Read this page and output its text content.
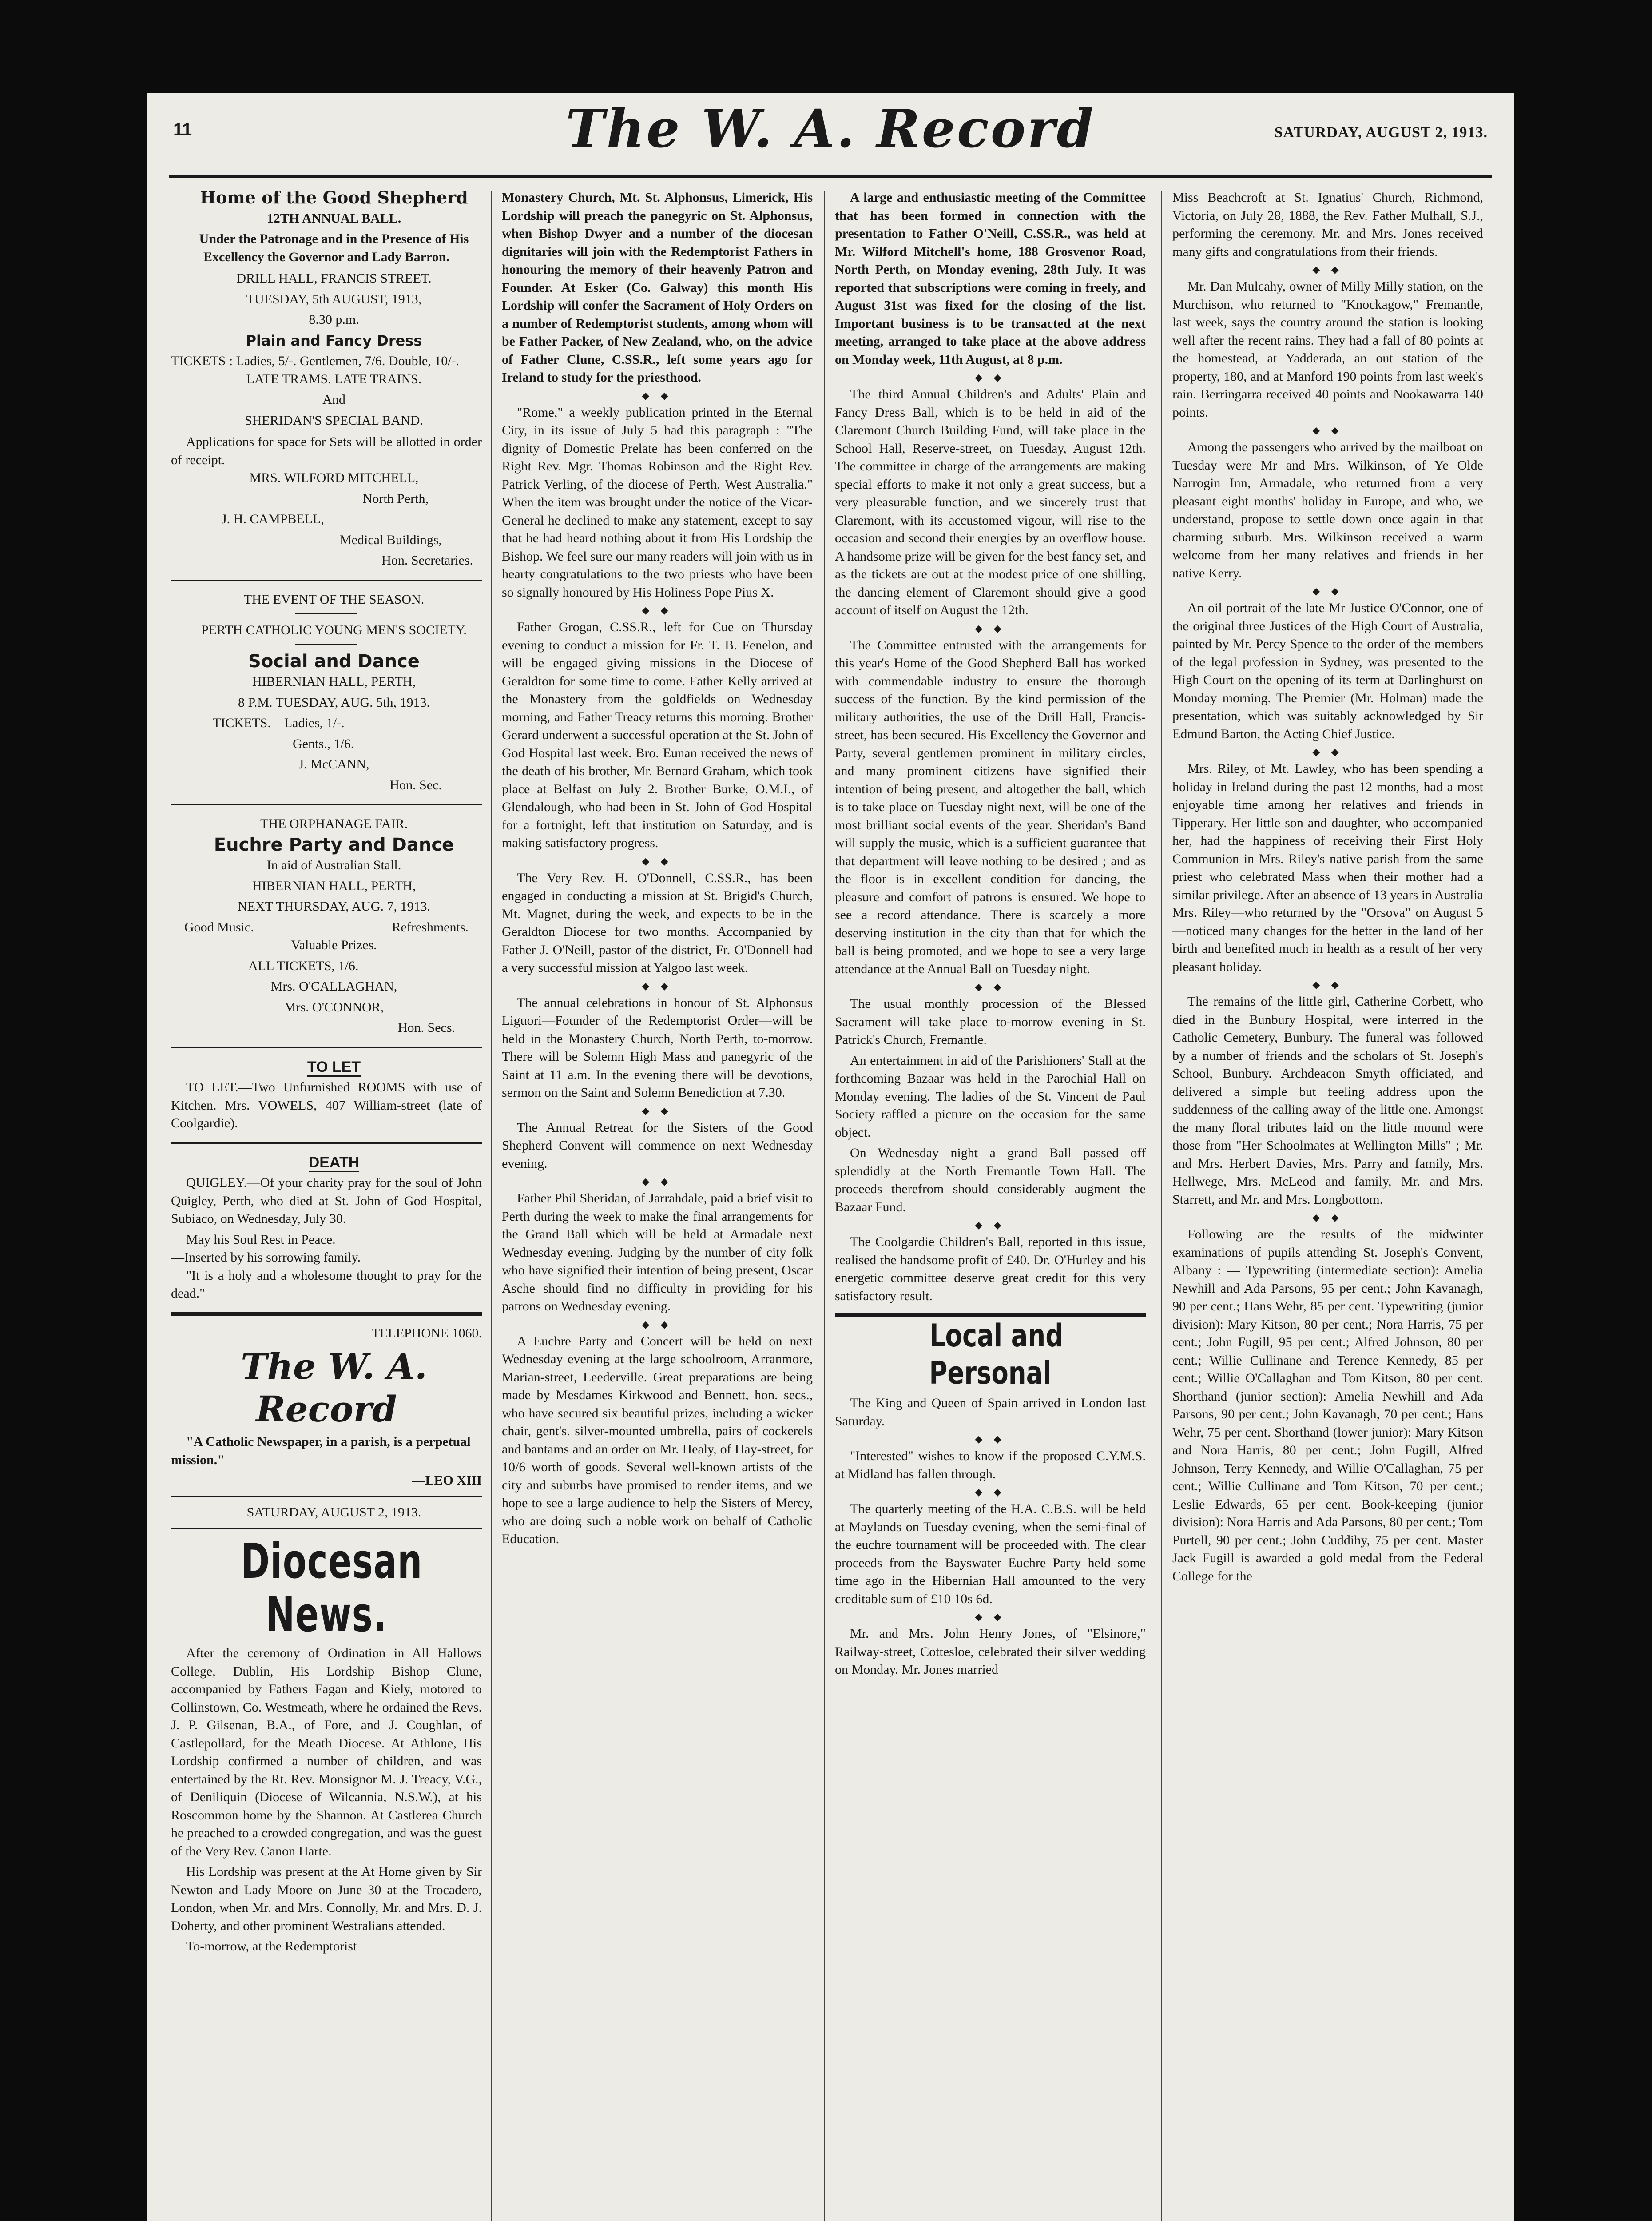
11	The W. A. Record	SATURDAY, AUGUST 2, 1913.

Home of the Good Shepherd

12TH ANNUAL BALL.

Under the Patronage and in the Presence of His Excellency the Governor and Lady Barron.

DRILL HALL, FRANCIS STREET.

TUESDAY, 5th AUGUST, 1913,

8.30 p.m.

Plain and Fancy Dress

TICKETS : Ladies, 5/-. Gentlemen, 7/6. Double, 10/-.

LATE TRAMS. LATE TRAINS.

And

SHERIDAN'S SPECIAL BAND.

Applications for space for Sets will be allotted in order of receipt.

MRS. WILFORD MITCHELL,

North Perth,

J. H. CAMPBELL,

Medical Buildings,

Hon. Secretaries.

THE EVENT OF THE SEASON.

PERTH CATHOLIC YOUNG MEN'S SOCIETY.

Social and Dance

HIBERNIAN HALL, PERTH,

8 P.M. TUESDAY, AUG. 5th, 1913.

TICKETS.—Ladies, 1/-.

Gents., 1/6.

J. McCANN,

Hon. Sec.

THE ORPHANAGE FAIR.

Euchre Party and Dance

In aid of Australian Stall.

HIBERNIAN HALL, PERTH,

NEXT THURSDAY, AUG. 7, 1913.

Good Music.	Refreshments.

Valuable Prizes.

ALL TICKETS, 1/6.

Mrs. O'CALLAGHAN,

Mrs. O'CONNOR,

Hon. Secs.

TO LET

TO LET.—Two Unfurnished ROOMS with use of Kitchen. Mrs. VOWELS, 407 William-street (late of Coolgardie).

DEATH

QUIGLEY.—Of your charity pray for the soul of John Quigley, Perth, who died at St. John of God Hospital, Subiaco, on Wednesday, July 30.

May his Soul Rest in Peace.

—Inserted by his sorrowing family.

"It is a holy and a wholesome thought to pray for the dead."

TELEPHONE 1060.

The W. A. Record

"A Catholic Newspaper, in a parish, is a perpetual mission."

—LEO XIII

SATURDAY, AUGUST 2, 1913.

Diocesan News.

After the ceremony of Ordination in All Hallows College, Dublin, His Lordship Bishop Clune, accompanied by Fathers Fagan and Kiely, motored to Collinstown, Co. Westmeath, where he ordained the Revs. J. P. Gilsenan, B.A., of Fore, and J. Coughlan, of Castlepollard, for the Meath Diocese. At Athlone, His Lordship confirmed a number of children, and was entertained by the Rt. Rev. Monsignor M. J. Treacy, V.G., of Deniliquin (Diocese of Wilcannia, N.S.W.), at his Roscommon home by the Shannon. At Castlerea Church he preached to a crowded congregation, and was the guest of the Very Rev. Canon Harte.

His Lordship was present at the At Home given by Sir Newton and Lady Moore on June 30 at the Trocadero, London, when Mr. and Mrs. Connolly, Mr. and Mrs. D. J. Doherty, and other prominent Westralians attended.

To-morrow, at the Redemptorist

Monastery Church, Mt. St. Alphonsus, Limerick, His Lordship will preach the panegyric on St. Alphonsus, when Bishop Dwyer and a number of the diocesan dignitaries will join with the Redemptorist Fathers in honouring the memory of their heavenly Patron and Founder. At Esker (Co. Galway) this month His Lordship will confer the Sacrament of Holy Orders on a number of Redemptorist students, among whom will be Father Packer, of New Zealand, who, on the advice of Father Clune, C.SS.R., left some years ago for Ireland to study for the priesthood.

◆ ◆

"Rome," a weekly publication printed in the Eternal City, in its issue of July 5 had this paragraph : "The dignity of Domestic Prelate has been conferred on the Right Rev. Mgr. Thomas Robinson and the Right Rev. Patrick Verling, of the diocese of Perth, West Australia." When the item was brought under the notice of the Vicar-General he declined to make any statement, except to say that he had heard nothing about it from His Lordship the Bishop. We feel sure our many readers will join with us in hearty congratulations to the two priests who have been so signally honoured by His Holiness Pope Pius X.

◆ ◆

Father Grogan, C.SS.R., left for Cue on Thursday evening to conduct a mission for Fr. T. B. Fenelon, and will be engaged giving missions in the Diocese of Geraldton for some time to come. Father Kelly arrived at the Monastery from the goldfields on Wednesday morning, and Father Treacy returns this morning. Brother Gerard underwent a successful operation at the St. John of God Hospital last week. Bro. Eunan received the news of the death of his brother, Mr. Bernard Graham, which took place at Belfast on July 2. Brother Burke, O.M.I., of Glendalough, who had been in St. John of God Hospital for a fortnight, left that institution on Saturday, and is making satisfactory progress.

◆ ◆

The Very Rev. H. O'Donnell, C.SS.R., has been engaged in conducting a mission at St. Brigid's Church, Mt. Magnet, during the week, and expects to be in the Geraldton Diocese for two months. Accompanied by Father J. O'Neill, pastor of the district, Fr. O'Donnell had a very successful mission at Yalgoo last week.

◆ ◆

The annual celebrations in honour of St. Alphonsus Liguori—Founder of the Redemptorist Order—will be held in the Monastery Church, North Perth, to-morrow. There will be Solemn High Mass and panegyric of the Saint at 11 a.m. In the evening there will be devotions, sermon on the Saint and Solemn Benediction at 7.30.

◆ ◆

The Annual Retreat for the Sisters of the Good Shepherd Convent will commence on next Wednesday evening.

◆ ◆

Father Phil Sheridan, of Jarrahdale, paid a brief visit to Perth during the week to make the final arrangements for the Grand Ball which will be held at Armadale next Wednesday evening. Judging by the number of city folk who have signified their intention of being present, Oscar Asche should find no difficulty in providing for his patrons on Wednesday evening.

◆ ◆

A Euchre Party and Concert will be held on next Wednesday evening at the large schoolroom, Arranmore, Marian-street, Leederville. Great preparations are being made by Mesdames Kirkwood and Bennett, hon. secs., who have secured six beautiful prizes, including a wicker chair, gent's. silver-mounted umbrella, pairs of cockerels and bantams and an order on Mr. Healy, of Hay-street, for 10/6 worth of goods. Several well-known artists of the city and suburbs have promised to render items, and we hope to see a large audience to help the Sisters of Mercy, who are doing such a noble work on behalf of Catholic Education.

A large and enthusiastic meeting of the Committee that has been formed in connection with the presentation to Father O'Neill, C.SS.R., was held at Mr. Wilford Mitchell's home, 188 Grosvenor Road, North Perth, on Monday evening, 28th July. It was reported that subscriptions were coming in freely, and August 31st was fixed for the closing of the list. Important business is to be transacted at the next meeting, arranged to take place at the above address on Monday week, 11th August, at 8 p.m.

◆ ◆

The third Annual Children's and Adults' Plain and Fancy Dress Ball, which is to be held in aid of the Claremont Church Building Fund, will take place in the School Hall, Reserve-street, on Tuesday, August 12th. The committee in charge of the arrangements are making special efforts to make it not only a great success, but a very pleasurable function, and we sincerely trust that Claremont, with its accustomed vigour, will rise to the occasion and second their energies by an overflow house. A handsome prize will be given for the best fancy set, and as the tickets are out at the modest price of one shilling, the dancing element of Claremont should give a good account of itself on August the 12th.

◆ ◆

The Committee entrusted with the arrangements for this year's Home of the Good Shepherd Ball has worked with commendable industry to ensure the thorough success of the function. By the kind permission of the military authorities, the use of the Drill Hall, Francis-street, has been secured. His Excellency the Governor and Party, several gentlemen prominent in military circles, and many prominent citizens have signified their intention of being present, and altogether the ball, which is to take place on Tuesday night next, will be one of the most brilliant social events of the year. Sheridan's Band will supply the music, which is a sufficient guarantee that that department will leave nothing to be desired ; and as the floor is in excellent condition for dancing, the pleasure and comfort of patrons is ensured. We hope to see a record attendance. There is scarcely a more deserving institution in the city than that for which the ball is being promoted, and we hope to see a very large attendance at the Annual Ball on Tuesday night.

◆ ◆

The usual monthly procession of the Blessed Sacrament will take place to-morrow evening in St. Patrick's Church, Fremantle.

An entertainment in aid of the Parishioners' Stall at the forthcoming Bazaar was held in the Parochial Hall on Monday evening. The ladies of the St. Vincent de Paul Society raffled a picture on the occasion for the same object.

On Wednesday night a grand Ball passed off splendidly at the North Fremantle Town Hall. The proceeds therefrom should considerably augment the Bazaar Fund.

◆ ◆

The Coolgardie Children's Ball, reported in this issue, realised the handsome profit of £40. Dr. O'Hurley and his energetic committee deserve great credit for this very satisfactory result.

Local and Personal

The King and Queen of Spain arrived in London last Saturday.

◆ ◆

"Interested" wishes to know if the proposed C.Y.M.S. at Midland has fallen through.

◆ ◆

The quarterly meeting of the H.A. C.B.S. will be held at Maylands on Tuesday evening, when the semi-final of the euchre tournament will be proceeded with. The clear proceeds from the Bayswater Euchre Party held some time ago in the Hibernian Hall amounted to the very creditable sum of £10 10s 6d.

◆ ◆

Mr. and Mrs. John Henry Jones, of "Elsinore," Railway-street, Cottesloe, celebrated their silver wedding on Monday. Mr. Jones married

Miss Beachcroft at St. Ignatius' Church, Richmond, Victoria, on July 28, 1888, the Rev. Father Mulhall, S.J., performing the ceremony. Mr. and Mrs. Jones received many gifts and congratulations from their friends.

◆ ◆

Mr. Dan Mulcahy, owner of Milly Milly station, on the Murchison, who returned to "Knockagow," Fremantle, last week, says the country around the station is looking well after the recent rains. They had a fall of 80 points at the homestead, at Yadderada, an out station of the property, 180, and at Manford 190 points from last week's rain. Berringarra received 40 points and Nookawarra 140 points.

◆ ◆

Among the passengers who arrived by the mailboat on Tuesday were Mr and Mrs. Wilkinson, of Ye Olde Narrogin Inn, Armadale, who returned from a very pleasant eight months' holiday in Europe, and who, we understand, propose to settle down once again in that charming suburb. Mrs. Wilkinson received a warm welcome from her many relatives and friends in her native Kerry.

◆ ◆

An oil portrait of the late Mr Justice O'Connor, one of the original three Justices of the High Court of Australia, painted by Mr. Percy Spence to the order of the members of the legal profession in Sydney, was presented to the High Court on the opening of its term at Darlinghurst on Monday morning. The Premier (Mr. Holman) made the presentation, which was suitably acknowledged by Sir Edmund Barton, the Acting Chief Justice.

◆ ◆

Mrs. Riley, of Mt. Lawley, who has been spending a holiday in Ireland during the past 12 months, had a most enjoyable time among her relatives and friends in Tipperary. Her little son and daughter, who accompanied her, had the happiness of receiving their First Holy Communion in Mrs. Riley's native parish from the same priest who celebrated Mass when their mother had a similar privilege. After an absence of 13 years in Australia Mrs. Riley—who returned by the "Orsova" on August 5—noticed many changes for the better in the land of her birth and benefited much in health as a result of her very pleasant holiday.

◆ ◆

The remains of the little girl, Catherine Corbett, who died in the Bunbury Hospital, were interred in the Catholic Cemetery, Bunbury. The funeral was followed by a number of friends and the scholars of St. Joseph's School, Bunbury. Archdeacon Smyth officiated, and delivered a simple but feeling address upon the suddenness of the calling away of the little one. Amongst the many floral tributes laid on the little mound were those from "Her Schoolmates at Wellington Mills" ; Mr. and Mrs. Herbert Davies, Mrs. Parry and family, Mrs. Hellwege, Mrs. McLeod and family, Mr. and Mrs. Starrett, and Mr. and Mrs. Longbottom.

◆ ◆

Following are the results of the midwinter examinations of pupils attending St. Joseph's Convent, Albany : — Typewriting (intermediate section): Amelia Newhill and Ada Parsons, 95 per cent.; John Kavanagh, 90 per cent.; Hans Wehr, 85 per cent. Typewriting (junior division): Mary Kitson, 80 per cent.; Nora Harris, 75 per cent.; John Fugill, 95 per cent.; Alfred Johnson, 80 per cent.; Willie Cullinane and Terence Kennedy, 85 per cent.; Willie O'Callaghan and Tom Kitson, 80 per cent. Shorthand (junior section): Amelia Newhill and Ada Parsons, 90 per cent.; John Kavanagh, 70 per cent.; Hans Wehr, 75 per cent. Shorthand (lower junior): Mary Kitson and Nora Harris, 80 per cent.; John Fugill, Alfred Johnson, Terry Kennedy, and Willie O'Callaghan, 75 per cent.; Willie Cullinane and Tom Kitson, 70 per cent.; Leslie Edwards, 65 per cent. Book-keeping (junior division): Nora Harris and Ada Parsons, 80 per cent.; Tom Purtell, 90 per cent.; John Cuddihy, 75 per cent. Master Jack Fugill is awarded a gold medal from the Federal College for the
